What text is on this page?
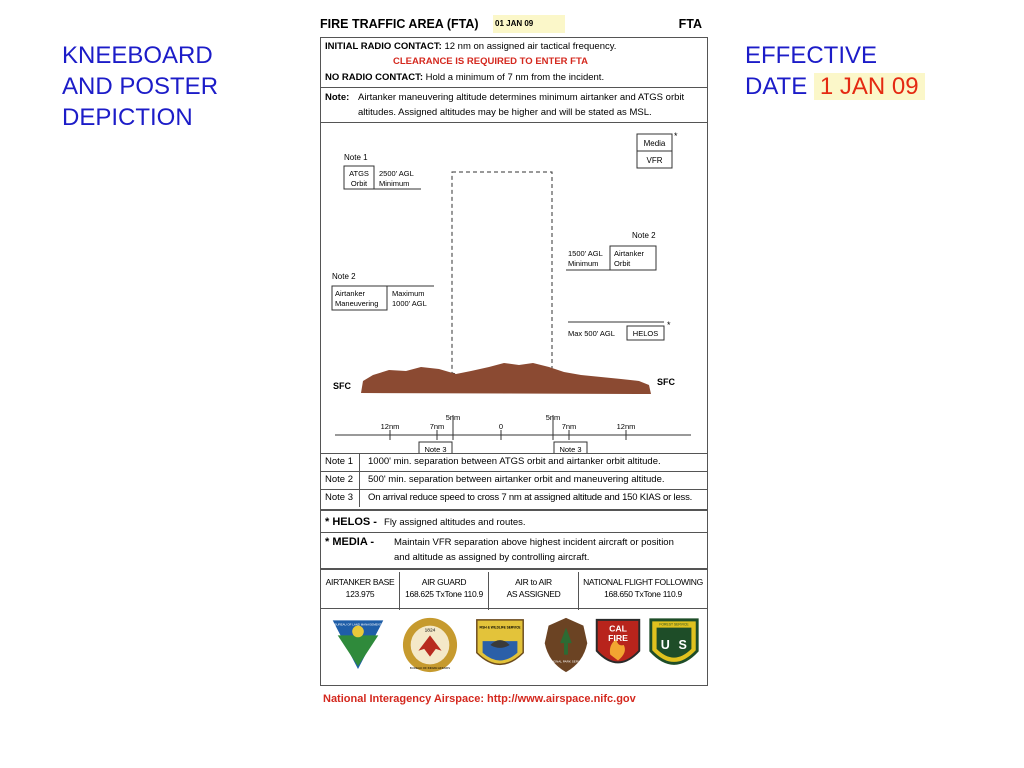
KNEEBOARD
AND POSTER
DEPICTION
EFFECTIVE
DATE 1 JAN 09
FIRE TRAFFIC AREA (FTA) 01 JAN 09	FTA
INITIAL RADIO CONTACT: 12 nm on assigned air tactical frequency.
CLEARANCE IS REQUIRED TO ENTER FTA
NO RADIO CONTACT: Hold a minimum of 7 nm from the incident.
Note: Airtanker maneuvering altitude determines minimum airtanker and ATGS orbit
altitudes. Assigned altitudes may be higher and will be stated as MSL.
Media
VFR
*
Note 1
ATGS
Orbit
2500' AGL
Minimum
Note 2
1500' AGL
Minimum
Airtanker
Orbit
Note 2
Airtanker
Maneuvering
Maximum
1000' AGL
Max 500' AGL HELOS
*
SFC	SFC
5nm	5nm
12nm	7nm	0	7nm	12nm
Note 3	Note 3
Note 1 1000' min. separation between ATGS orbit and airtanker orbit altitude.
Note 2 500' min. separation between airtanker orbit and maneuvering altitude.
Note 3 On arrival reduce speed to cross 7 nm at assigned altitude and 150 KIAS or less.
* HELOS - Fly assigned altitudes and routes.
* MEDIA - Maintain VFR separation above highest incident aircraft or position
and altitude as assigned by controlling aircraft.
AIRTANKER BASE
123.975
AIR GUARD
168.625 TxTone 110.9
AIR to AIR
AS ASSIGNED
NATIONAL FLIGHT FOLLOWING
168.650 TxTone 110.9
BUREAU OF LAND MANAGEMENT
1824
BUREAU OF INDIAN AFFAIRS
FISH & WILDLIFE SERVICE
NATIONAL PARK SERVICE
CAL
FIRE	U S
FOREST SERVICE
National Interagency Airspace: http://www.airspace.nifc.gov
